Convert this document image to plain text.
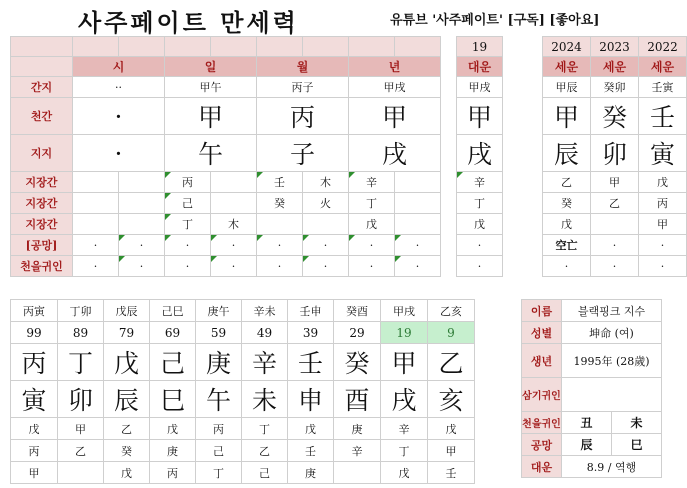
사주페이트 만세력	유튜브 '사주페이트' [구독] [좋아요]
										19		2024	2023	2022
	시		일		월		년			대운		세운	세운	세운
간지	··		甲午		丙子		甲戌			甲戌		甲辰	癸卯	壬寅
천간	·		甲		丙		甲			甲		甲	癸	壬
지지	·		午		子		戌			戌		辰	卯	寅
지장간			丙		壬	木	辛			辛		乙	甲	戊
지장간			己		癸	火	丁			丁		癸	乙	丙
지장간			丁	木			戊			戊		戊		甲
[공망]	·	·	·	·	·	·	·	·		·		空亡	·	·
천을귀인	·	·	·	·	·	·	·	·		·		·	·	·
丙寅	丁卯	戊辰	己巳	庚午	辛未	壬申	癸酉	甲戌	乙亥
99	89	79	69	59	49	39	29	19	9
丙	丁	戊	己	庚	辛	壬	癸	甲	乙
寅	卯	辰	巳	午	未	申	酉	戌	亥
戊	甲	乙	戊	丙	丁	戊	庚	辛	戊
丙	乙	癸	庚	己	乙	壬	辛	丁	甲
甲		戊	丙	丁	己	庚		戊	壬
이름	블랙핑크 지수	
성별	坤命 (여)	
생년	1995年 (28歲)	
삼기귀인		
천을귀인	丑	未
공망	辰	巳
대운	8.9 / 역행	
